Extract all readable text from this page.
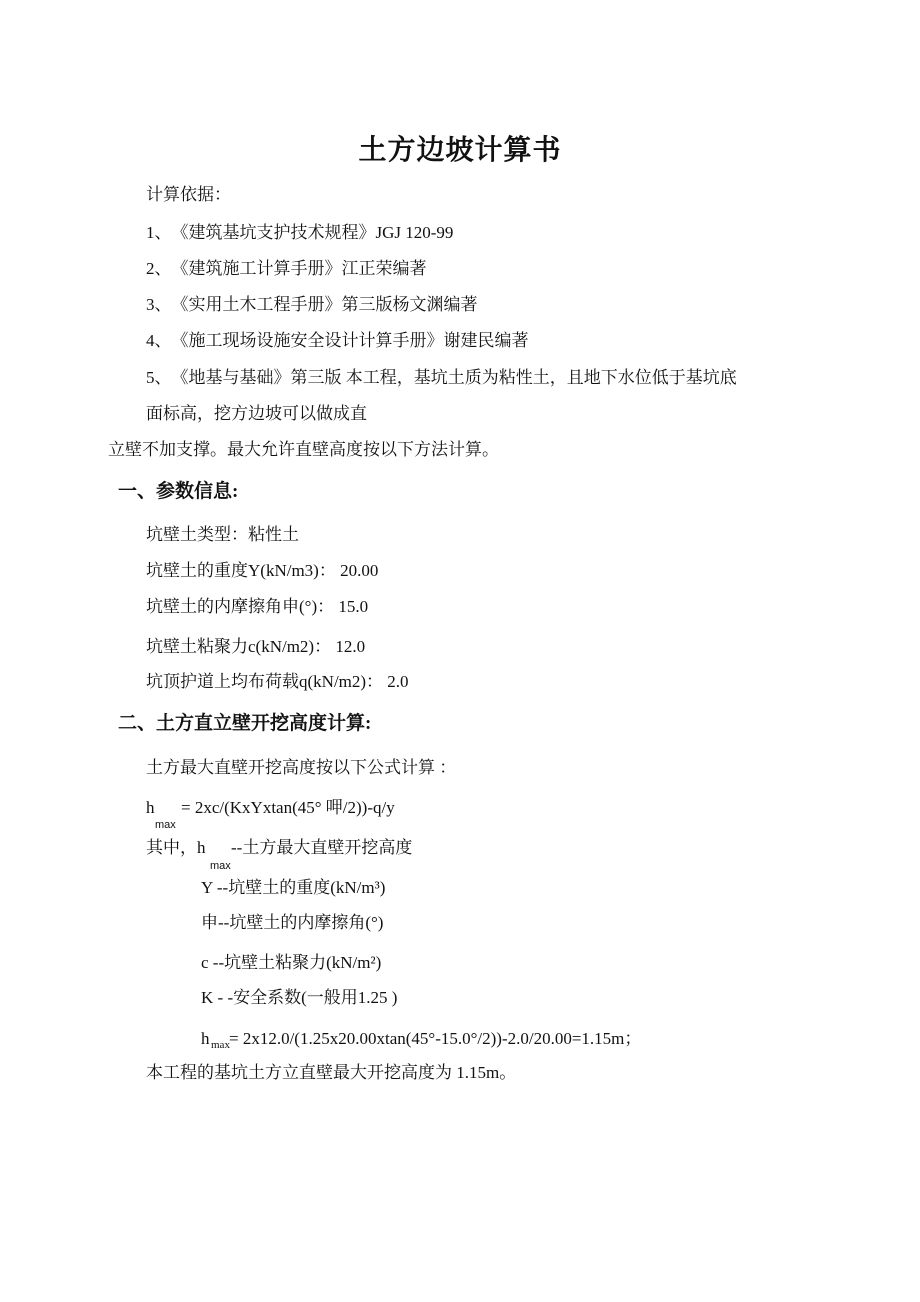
土方边坡计算书
计算依据：
1、　《建筑基坑支护技术规程》JGJ 120-99
2、　《建筑施工计算手册》江正荣编著
3、　《实用土木工程手册》第三版杨文渊编著
4、　《施工现场设施安全设计计算手册》谢建民编著
5、　《地基与基础》第三版 本工程，基坑土质为粘性土，且地下水位低于基坑底
面标高，挖方边坡可以做成直
立壁不加支撑。最大允许直壁高度按以下方法计算。
一、参数信息:
坑壁土类型：粘性土
坑壁土的重度Y(kN/m3)： 20.00
坑壁土的内摩擦角申(°)： 15.0
坑壁土粘聚力c(kN/m2)： 12.0
坑顶护道上均布荷载q(kN/m2)： 2.0
二、土方直立壁开挖高度计算:
土方最大直壁开挖高度按以下公式计算 ：
h
max
= 2xc/(KxYxtan(45° 呷/2))-q/y
其中，h
max
--土方最大直壁开挖高度
Y --坑壁土的重度(kN/m³)
申--坑壁土的内摩擦角(°)
c --坑壁土粘聚力(kN/m²)
K - -安全系数(一般用1.25 )
h max = 2x12.0/(1.25x20.00xtan(45°-15.0°/2))-2.0/20.00=1.15m；
本工程的基坑土方立直壁最大开挖高度为 1.15m。
